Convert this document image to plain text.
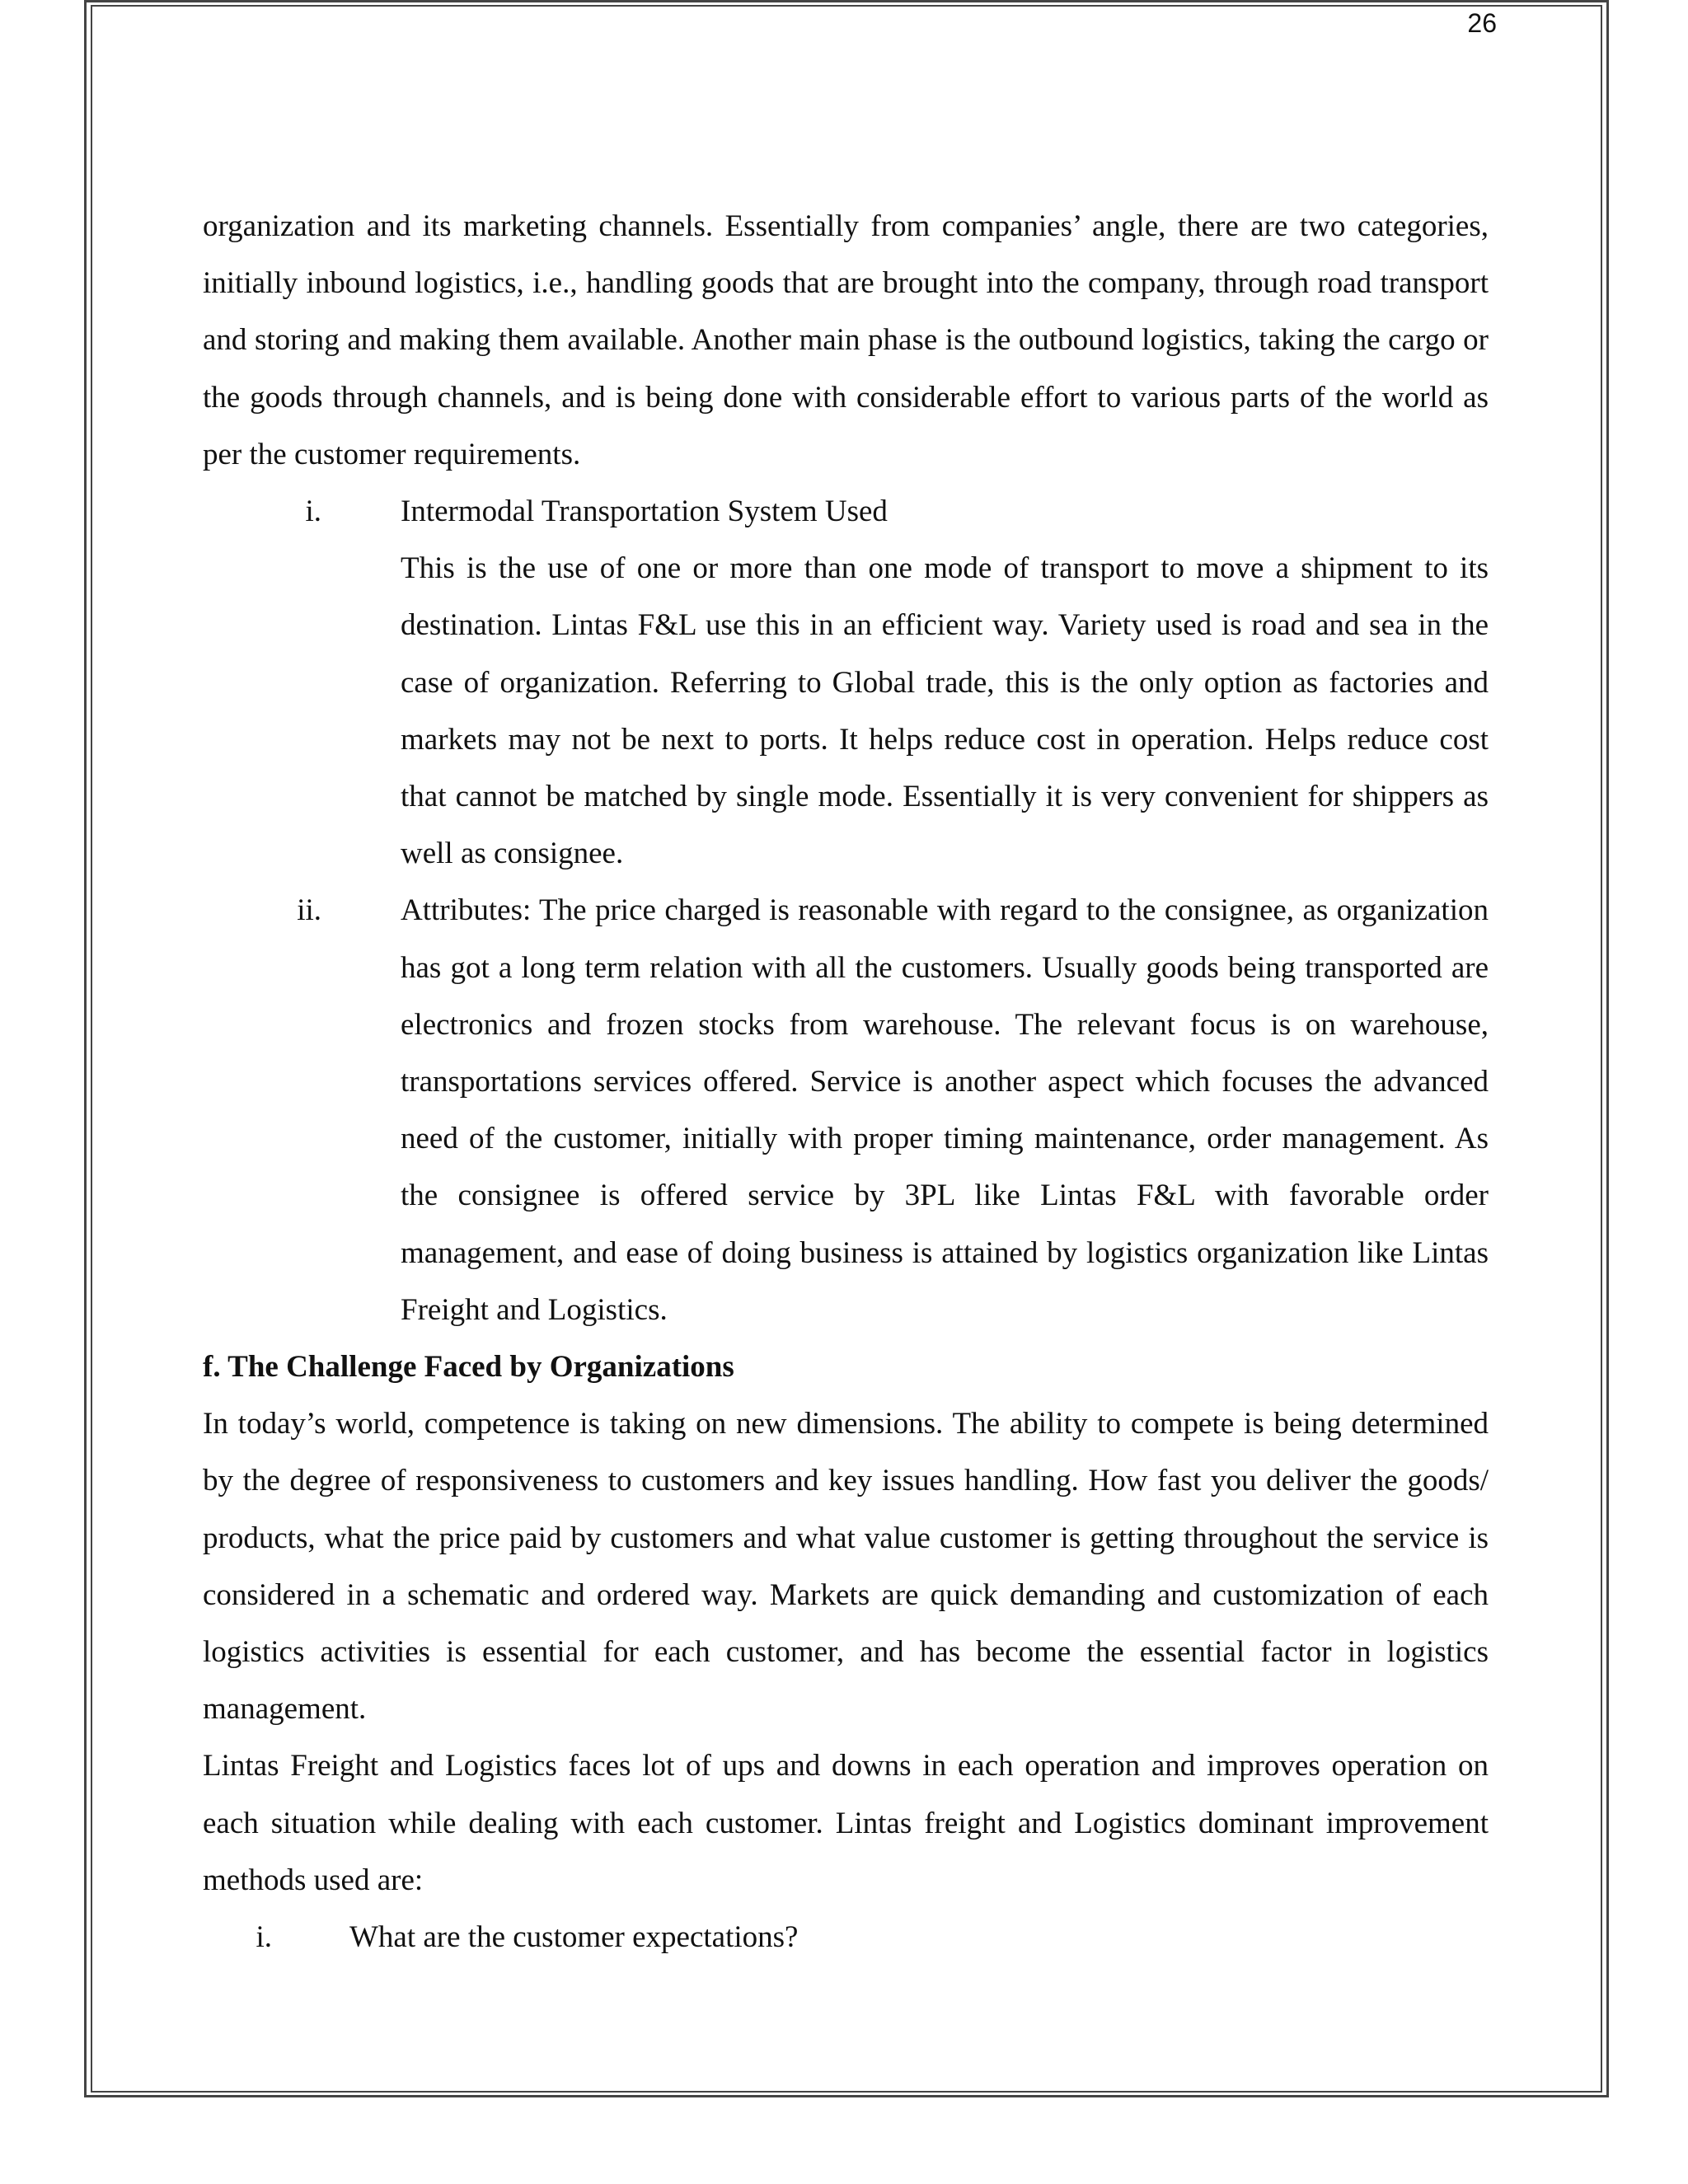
26

organization and its marketing channels. Essentially from companies’ angle, there are two categories, initially inbound logistics, i.e., handling goods that are brought into the company, through road transport and storing and making them available. Another main phase is the outbound logistics, taking the cargo or the goods through channels, and is being done with considerable effort to various parts of the world as per the customer requirements.

i.	Intermodal Transportation System Used

This is the use of one or more than one mode of transport to move a shipment to its destination. Lintas F&L use this in an efficient way. Variety used is road and sea in the case of organization. Referring to Global trade, this is the only option as factories and markets may not be next to ports. It helps reduce cost in operation. Helps reduce cost that cannot be matched by single mode. Essentially it is very convenient for shippers as well as consignee.

ii.	Attributes: The price charged is reasonable with regard to the consignee, as organization has got a long term relation with all the customers. Usually goods being transported are electronics and frozen stocks from warehouse. The relevant focus is on warehouse, transportations services offered. Service is another aspect which focuses the advanced need of the customer, initially with proper timing maintenance, order management. As the consignee is offered service by 3PL like Lintas F&L with favorable order management, and ease of doing business is attained by logistics organization like Lintas Freight and Logistics.

f. The Challenge Faced by Organizations

In today’s world, competence is taking on new dimensions. The ability to compete is being determined by the degree of responsiveness to customers and key issues handling. How fast you deliver the goods/ products, what the price paid by customers and what value customer is getting throughout the service is considered in a schematic and ordered way. Markets are quick demanding and customization of each logistics activities is essential for each customer, and has become the essential factor in logistics management.

Lintas Freight and Logistics faces lot of ups and downs in each operation and improves operation on each situation while dealing with each customer. Lintas freight and Logistics dominant improvement methods used are:

i.	What are the customer expectations?
